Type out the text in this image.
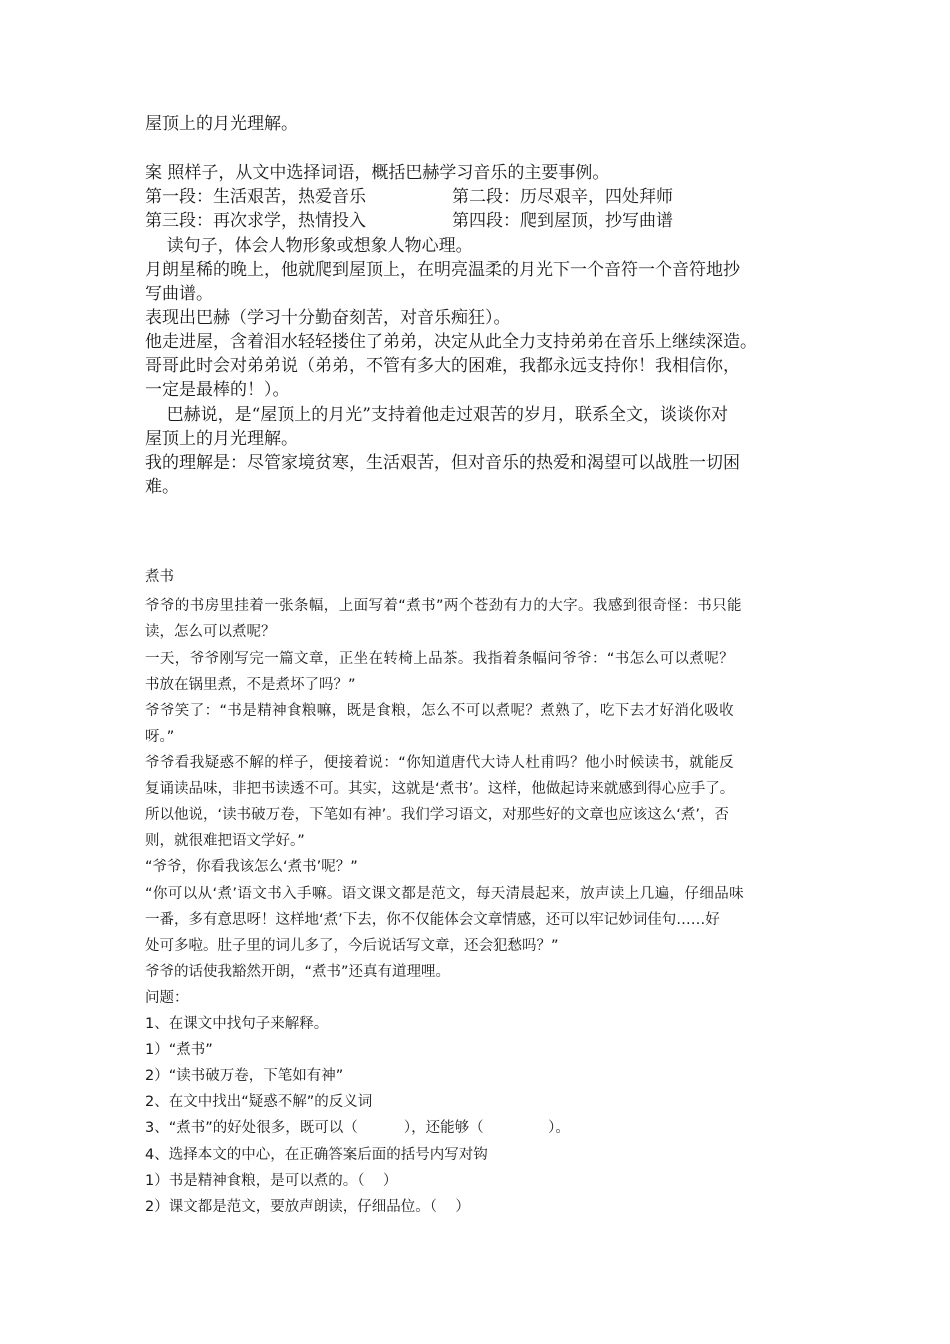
屋顶上的月光理解。
案 照样子，从文中选择词语，概括巴赫学习音乐的主要事例。
第一段：生活艰苦，热爱音乐	第二段：历尽艰辛，四处拜师
第三段：再次求学，热情投入	第四段：爬到屋顶，抄写曲谱
读句子，体会人物形象或想象人物心理。
月朗星稀的晚上，他就爬到屋顶上，在明亮温柔的月光下一个音符一个音符地抄
写曲谱。
表现出巴赫（学习十分勤奋刻苦，对音乐痴狂）。
他走进屋，含着泪水轻轻搂住了弟弟，决定从此全力支持弟弟在音乐上继续深造。
哥哥此时会对弟弟说（弟弟，不管有多大的困难，我都永远支持你！我相信你，
一定是最棒的！）。
巴赫说，是“屋顶上的月光”支持着他走过艰苦的岁月，联系全文，谈谈你对
屋顶上的月光理解。
我的理解是：尽管家境贫寒，生活艰苦，但对音乐的热爱和渴望可以战胜一切困
难。
煮书
爷爷的书房里挂着一张条幅，上面写着“煮书”两个苍劲有力的大字。我感到很奇怪：书只能
读，怎么可以煮呢？
一天，爷爷刚写完一篇文章，正坐在转椅上品茶。我指着条幅问爷爷：“书怎么可以煮呢？
书放在锅里煮，不是煮坏了吗？”
爷爷笑了：“书是精神食粮嘛，既是食粮，怎么不可以煮呢？煮熟了，吃下去才好消化吸收
呀。”
爷爷看我疑惑不解的样子，便接着说：“你知道唐代大诗人杜甫吗？他小时候读书，就能反
复诵读品味，非把书读透不可。其实，这就是‘煮书’。这样，他做起诗来就感到得心应手了。
所以他说，‘读书破万卷，下笔如有神’。我们学习语文，对那些好的文章也应该这么‘煮’，否
则，就很难把语文学好。”
“爷爷，你看我该怎么‘煮书’呢？”
“你可以从‘煮’语文书入手嘛。语文课文都是范文，每天清晨起来，放声读上几遍，仔细品味
一番，多有意思呀！这样地‘煮’下去，你不仅能体会文章情感，还可以牢记妙词佳句……好
处可多啦。肚子里的词儿多了，今后说话写文章，还会犯愁吗？”
爷爷的话使我豁然开朗，“煮书”还真有道理哩。
问题：
1、在课文中找句子来解释。
1）“煮书”
2）“读书破万卷，下笔如有神”
2、在文中找出“疑惑不解”的反义词
3、“煮书”的好处很多，既可以（          ），还能够（              ）。
4、选择本文的中心，在正确答案后面的括号内写对钩
1）书是精神食粮，是可以煮的。（    ）
2）课文都是范文，要放声朗读，仔细品位。（    ）
